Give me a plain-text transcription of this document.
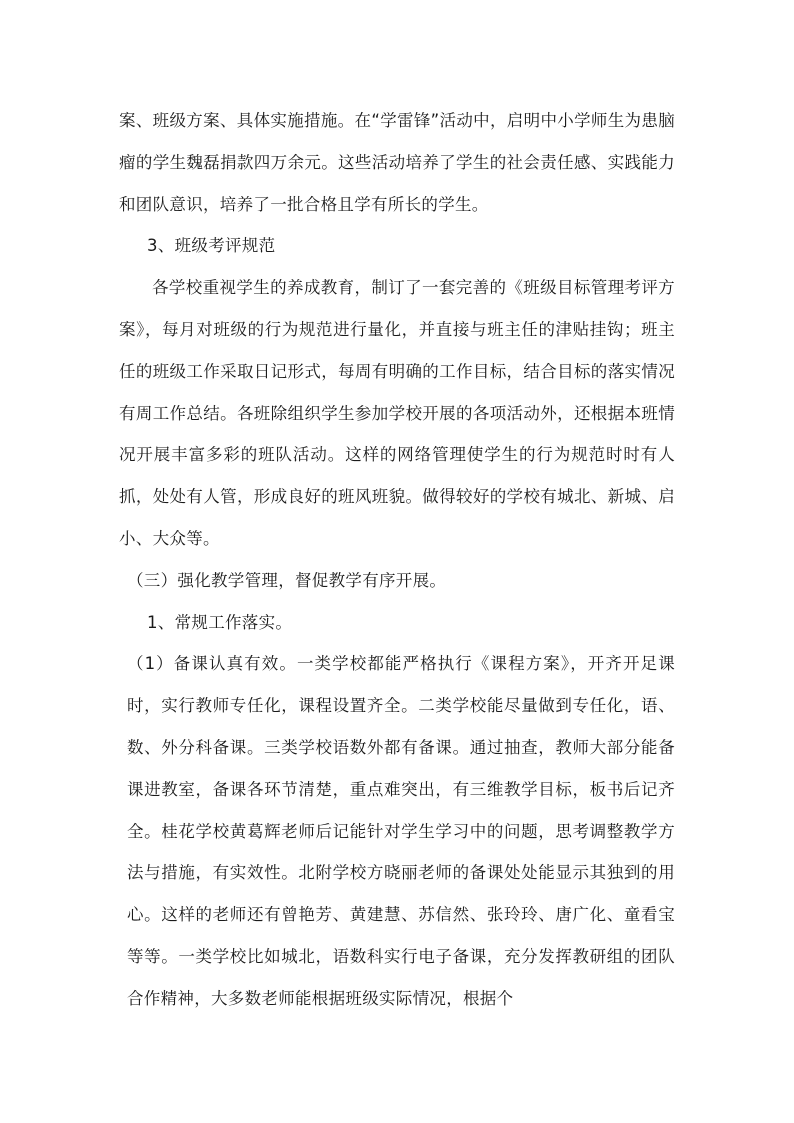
案、班级方案、具体实施措施。在“学雷锋”活动中，启明中小学师生为患脑瘤的学生魏磊捐款四万余元。这些活动培养了学生的社会责任感、实践能力和团队意识，培养了一批合格且学有所长的学生。

3、班级考评规范

各学校重视学生的养成教育，制订了一套完善的《班级目标管理考评方案》，每月对班级的行为规范进行量化，并直接与班主任的津贴挂钩；班主任的班级工作采取日记形式，每周有明确的工作目标，结合目标的落实情况有周工作总结。各班除组织学生参加学校开展的各项活动外，还根据本班情况开展丰富多彩的班队活动。这样的网络管理使学生的行为规范时时有人抓，处处有人管，形成良好的班风班貌。做得较好的学校有城北、新城、启小、大众等。

（三）强化教学管理，督促教学有序开展。

1、常规工作落实。

（1）备课认真有效。一类学校都能严格执行《课程方案》，开齐开足课时，实行教师专任化，课程设置齐全。二类学校能尽量做到专任化，语、数、外分科备课。三类学校语数外都有备课。通过抽查，教师大部分能备课进教室，备课各环节清楚，重点难突出，有三维教学目标，板书后记齐全。桂花学校黄葛辉老师后记能针对学生学习中的问题，思考调整教学方法与措施，有实效性。北附学校方晓丽老师的备课处处能显示其独到的用心。这样的老师还有曾艳芳、黄建慧、苏信然、张玲玲、唐广化、童看宝等等。一类学校比如城北，语数科实行电子备课，充分发挥教研组的团队合作精神，大多数老师能根据班级实际情况，根据个
